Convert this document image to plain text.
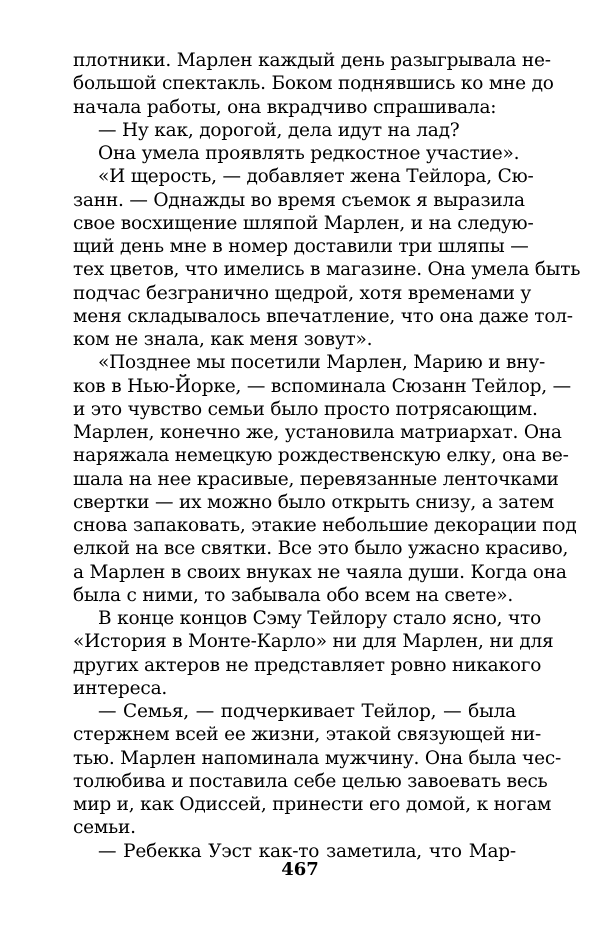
плотники. Марлен каждый день разыгрывала не-
большой спектакль. Боком поднявшись ко мне до
начала работы, она вкрадчиво спрашивала:
— Ну как, дорогой, дела идут на лад?
Она умела проявлять редкостное участие».
«И щерость, — добавляет жена Тейлора, Сю-
занн. — Однажды во время съемок я выразила
свое восхищение шляпой Марлен, и на следую-
щий день мне в номер доставили три шляпы —
тех цветов, что имелись в магазине. Она умела быть
подчас безгранично щедрой, хотя временами у
меня складывалось впечатление, что она даже тол-
ком не знала, как меня зовут».
«Позднее мы посетили Марлен, Марию и вну-
ков в Нью-Йорке, — вспоминала Сюзанн Тейлор, —
и это чувство семьи было просто потрясающим.
Марлен, конечно же, установила матриархат. Она
наряжала немецкую рождественскую елку, она ве-
шала на нее красивые, перевязанные ленточками
свертки — их можно было открыть снизу, а затем
снова запаковать, этакие небольшие декорации под
елкой на все святки. Все это было ужасно красиво,
а Марлен в своих внуках не чаяла души. Когда она
была с ними, то забывала обо всем на свете».
В конце концов Сэму Тейлору стало ясно, что
«История в Монте-Карло» ни для Марлен, ни для
других актеров не представляет ровно никакого
интереса.
— Семья, — подчеркивает Тейлор, — была
стержнем всей ее жизни, этакой связующей ни-
тью. Марлен напоминала мужчину. Она была чес-
толюбива и поставила себе целью завоевать весь
мир и, как Одиссей, принести его домой, к ногам
семьи.
— Ребекка Уэст как-то заметила, что Мар-
467
